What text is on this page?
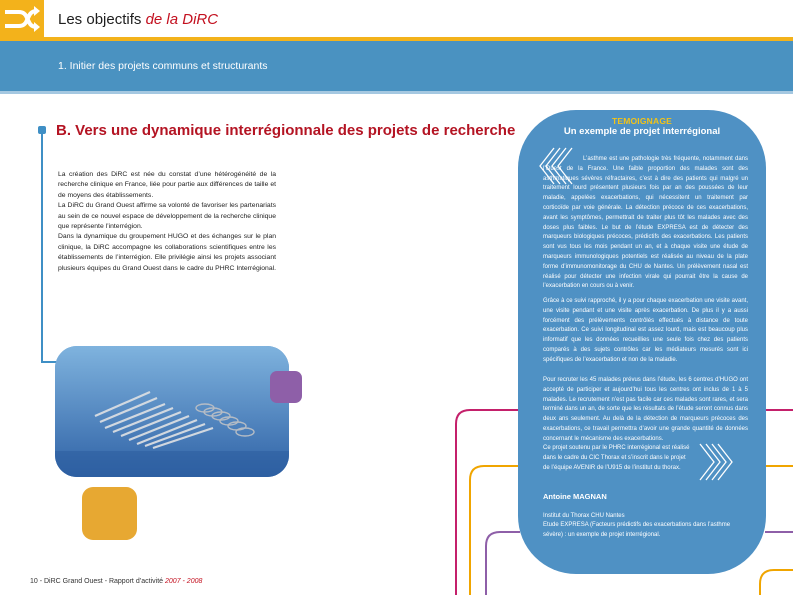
Les objectifs de la DiRC
1. Initier des projets communs et structurants
B. Vers une dynamique interrégionnale des projets de recherche

La création des DiRC est née du constat d’une hétérogénéité de la recherche clinique en France, liée pour partie aux différences de taille et de moyens des établissements.

La DiRC du Grand Ouest affirme sa volonté de favoriser les partenariats au sein de ce nouvel espace de développement de la recherche clinique que représente l’interrégion.

Dans la dynamique du groupement HUGO et des échanges sur le plan clinique, la DiRC accompagne les collaborations scientifiques entre les établissements de l’interrégion. Elle privilégie ainsi les projets associant plusieurs équipes du Grand Ouest dans le cadre du PHRC Interrégional.

TEMOIGNAGE
Un exemple de projet interrégional

L’asthme est une pathologie très fréquente, notamment dans l’Ouest de la France. Une faible proportion des malades sont des asthmatiques sévères réfractaires, c’est à dire des patients qui malgré un traitement lourd présentent plusieurs fois par an des poussées de leur maladie, appelées exacerbations, qui nécessitent un traitement par corticoïde par voie générale. La détection précoce de ces exacerbations, avant les symptômes, permettrait de traiter plus tôt les malades avec des doses plus faibles. Le but de l’étude EXPRESA est de détecter des marqueurs biologiques précoces, prédictifs des exacerbations. Les patients sont vus tous les mois pendant un an, et à chaque visite une étude de marqueurs immunologiques potentiels est réalisée au niveau de la plate forme d’immunomonitorage du CHU de Nantes. Un prélèvement nasal est réalisé pour détecter une infection virale qui pourrait être la cause de l’exacerbation en cours ou à venir.

Grâce à ce suivi rapproché, il y a pour chaque exacerbation une visite avant, une visite pendant et une visite après exacerbation. De plus il y a aussi forcément des prélèvements contrôlés effectués à distance de toute exacerbation. Ce suivi longitudinal est assez lourd, mais est beaucoup plus informatif que les données recueillies une seule fois chez des patients comparés à des sujets contrôles car les médiateurs mesurés sont ici spécifiques de l’exacerbation et non de la maladie.

Pour recruter les 45 malades prévus dans l’étude, les 6 centres d’HUGO ont accepté de participer et aujourd’hui tous les centres ont inclus de 1 à 5 malades. Le recrutement n’est pas facile car ces malades sont rares, et sera terminé dans un an, de sorte que les résultats de l’étude seront connus dans deux ans seulement. Au delà de la détection de marqueurs précoces des exacerbations, ce travail permettra d’avoir une grande quantité de données concernant le mécanisme des exacerbations.

Ce projet soutenu par le PHRC interrégional est réalisé dans le cadre du CIC Thorax et s’inscrit dans le projet de l’équipe AVENIR de l’U915 de l’institut du thorax.

Antoine MAGNAN
Institut du Thorax CHU Nantes
Etude EXPRESA (Facteurs prédictifs des exacerbations dans l’asthme
sévère) : un exemple de projet interrégional.
10 - DiRC Grand Ouest - Rapport d’activité 2007 - 2008
